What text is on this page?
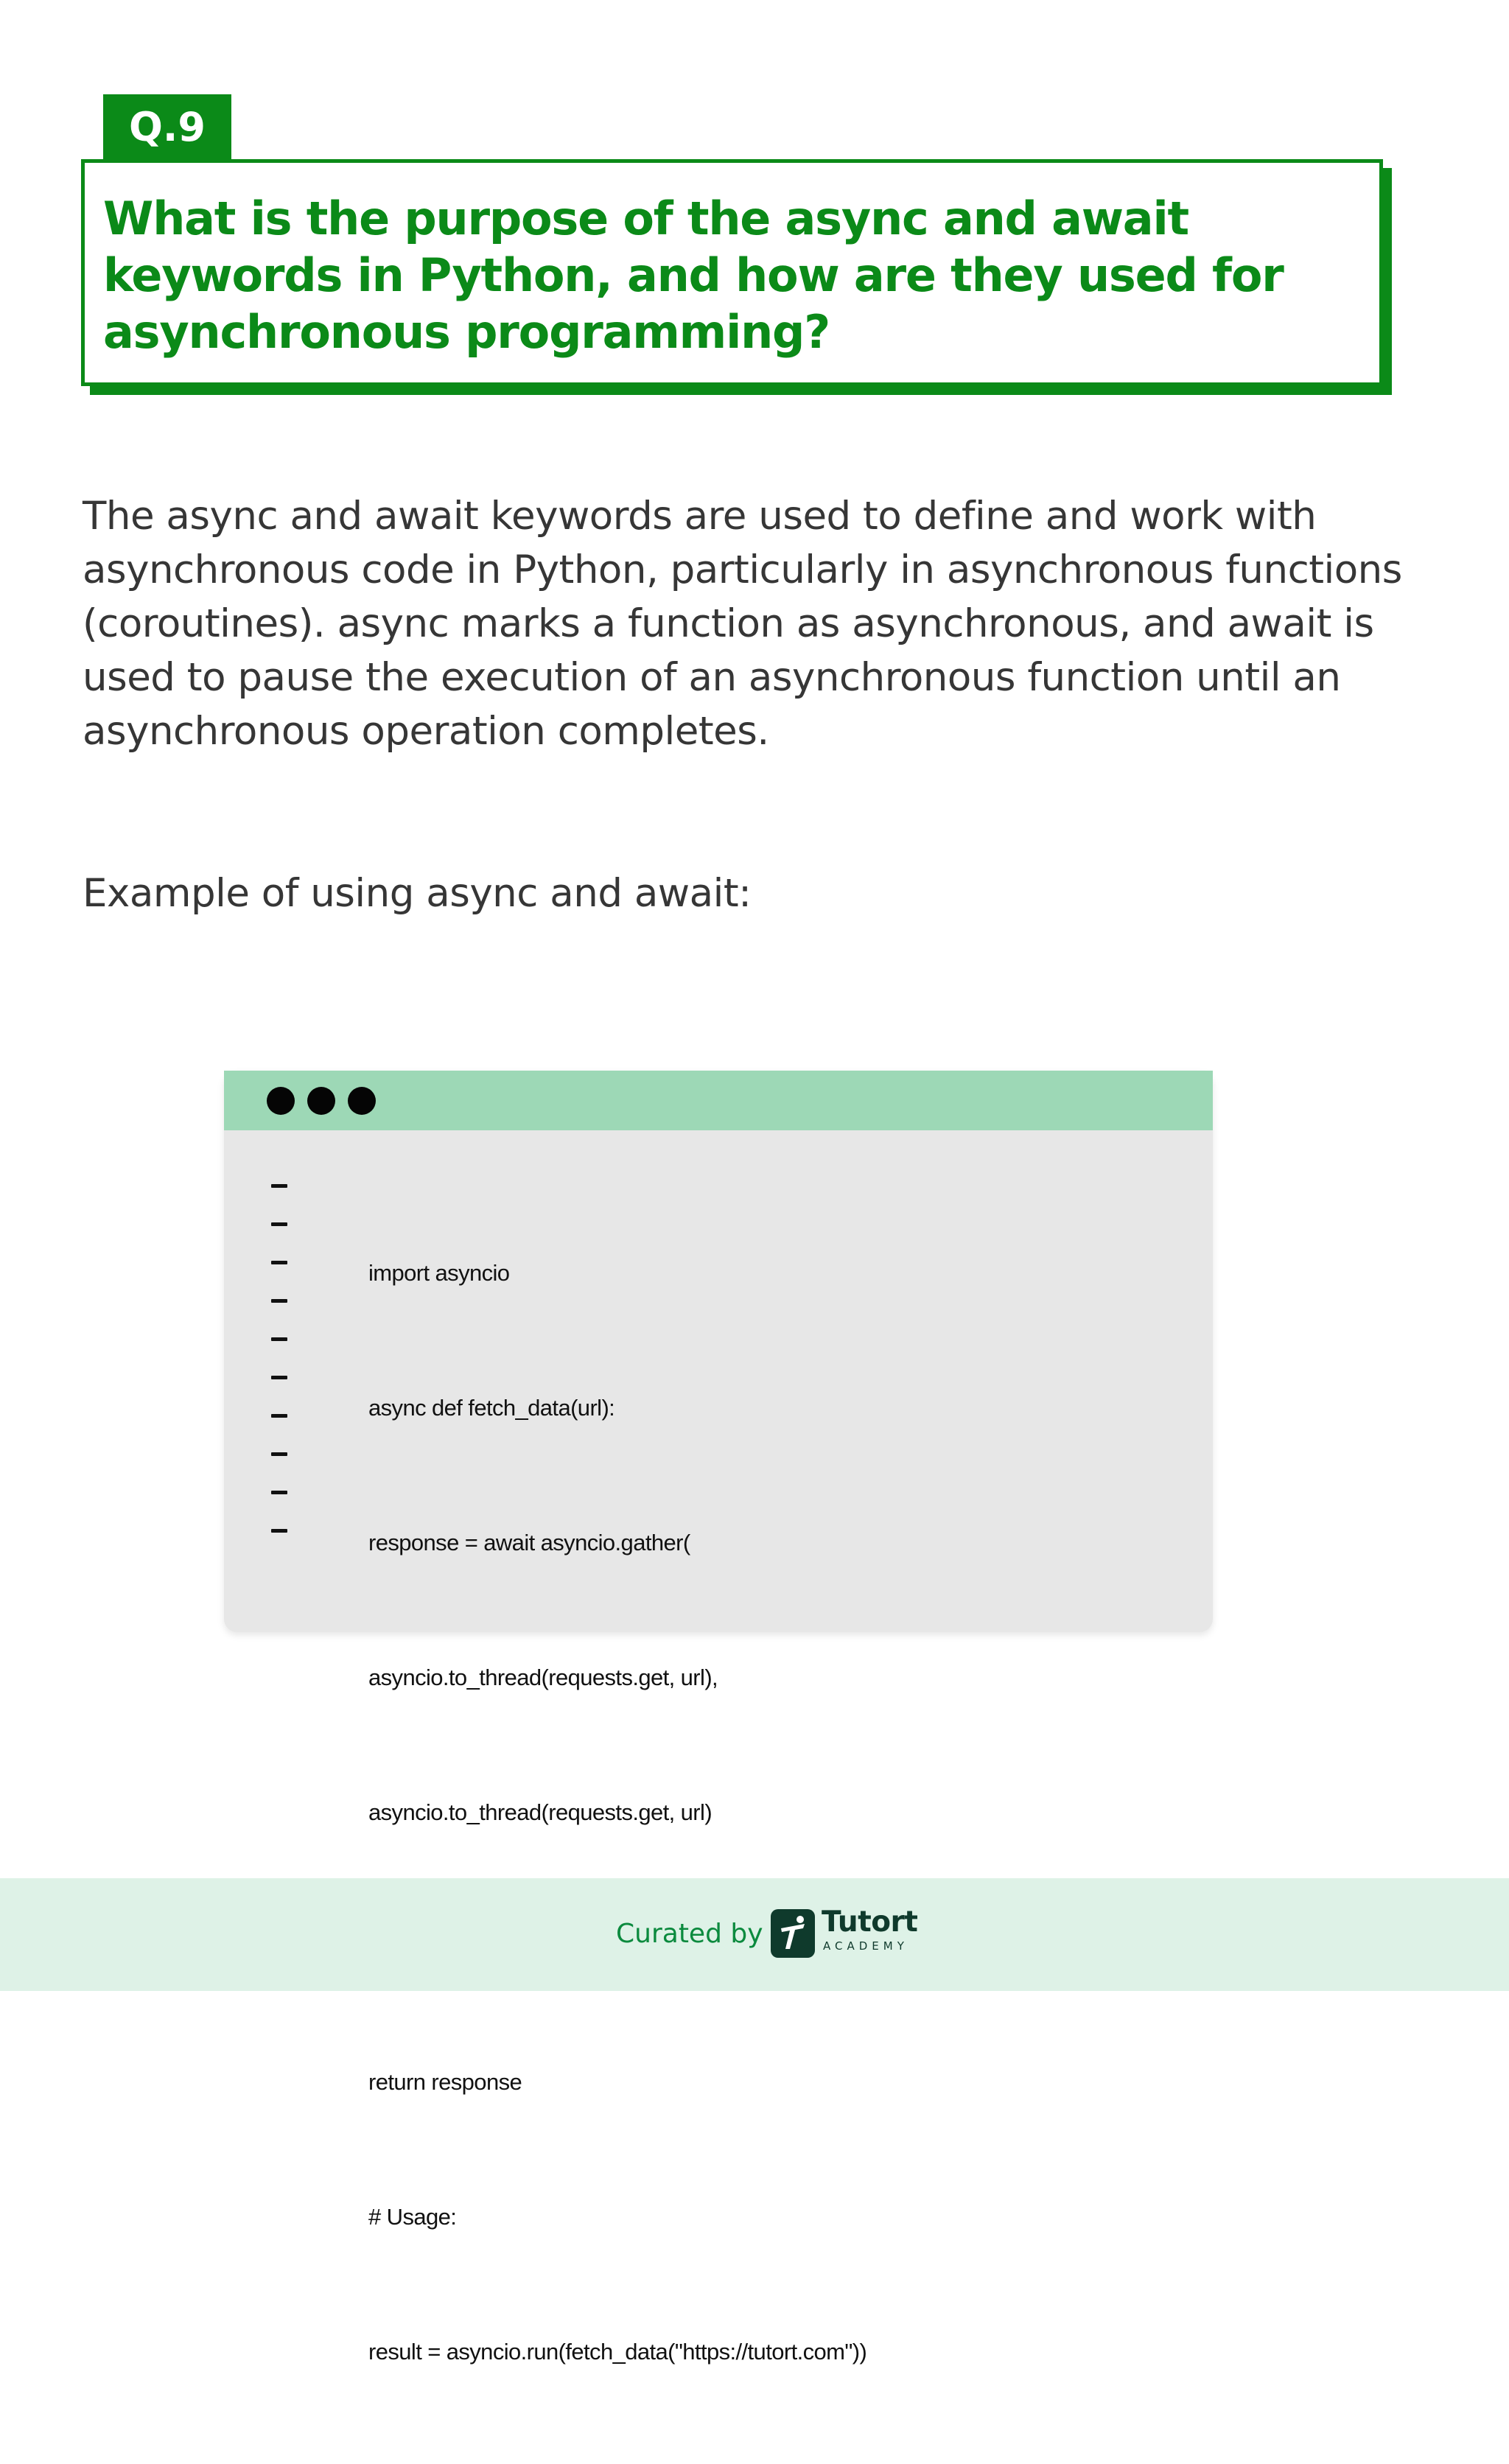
Q.9
What is the purpose of the async and await keywords in Python, and how are they used for asynchronous programming?

The async and await keywords are used to define and work with asynchronous code in Python, particularly in asynchronous functions (coroutines). async marks a function as asynchronous, and await is used to pause the execution of an asynchronous function until an asynchronous operation completes.

Example of using async and await:

import asyncio

async def fetch_data(url):

response = await asyncio.gather(

asyncio.to_thread(requests.get, url),

asyncio.to_thread(requests.get, url)

return response

# Usage:

result = asyncio.run(fetch_data("https://tutort.com"))

Curated by Tutort
ACADEMY
